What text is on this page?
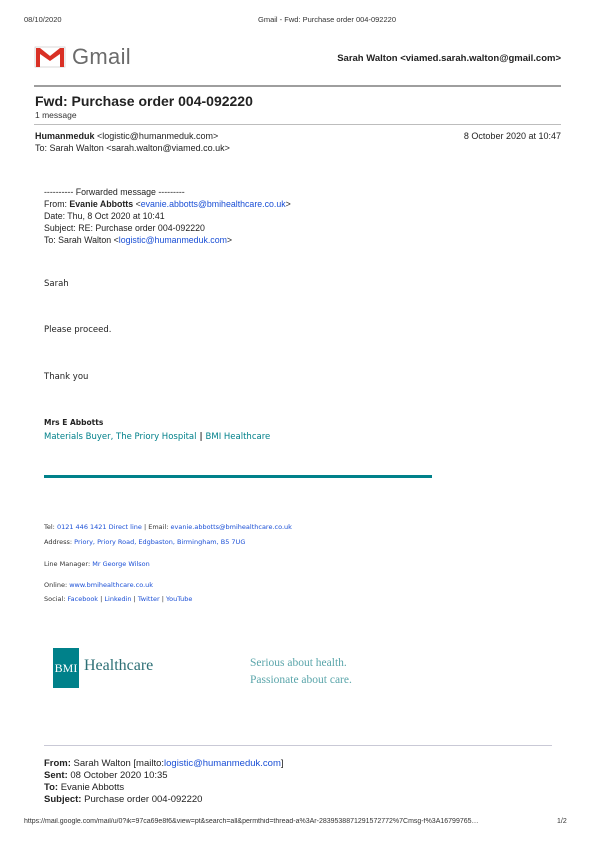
08/10/2020	Gmail - Fwd: Purchase order 004-092220
Gmail	Sarah Walton <viamed.sarah.walton@gmail.com>
Fwd: Purchase order 004-092220
1 message
Humanmeduk <logistic@humanmeduk.com>
To: Sarah Walton <sarah.walton@viamed.co.uk>
8 October 2020 at 10:47
---------- Forwarded message ---------
From: Evanie Abbotts <evanie.abbotts@bmihealthcare.co.uk>
Date: Thu, 8 Oct 2020 at 10:41
Subject: RE: Purchase order 004-092220
To: Sarah Walton <logistic@humanmeduk.com>
Sarah
Please proceed.
Thank you
Mrs E Abbotts
Materials Buyer, The Priory Hospital | BMI Healthcare
Tel: 0121 446 1421 Direct line | Email: evanie.abbotts@bmihealthcare.co.uk
Address: Priory, Priory Road, Edgbaston, Birmingham, B5 7UG
Line Manager: Mr George Wilson
Online: www.bmihealthcare.co.uk
Social: Facebook | Linkedin | Twitter | YouTube
BMI Healthcare	Serious about health.
Passionate about care.
From: Sarah Walton [mailto:logistic@humanmeduk.com]
Sent: 08 October 2020 10:35
To: Evanie Abbotts
Subject: Purchase order 004-092220
https://mail.google.com/mail/u/0?ik=97ca69e8f6&view=pt&search=all&permthid=thread-a%3Ar-2839538871291572772%7Cmsg-f%3A16799765…	1/2
